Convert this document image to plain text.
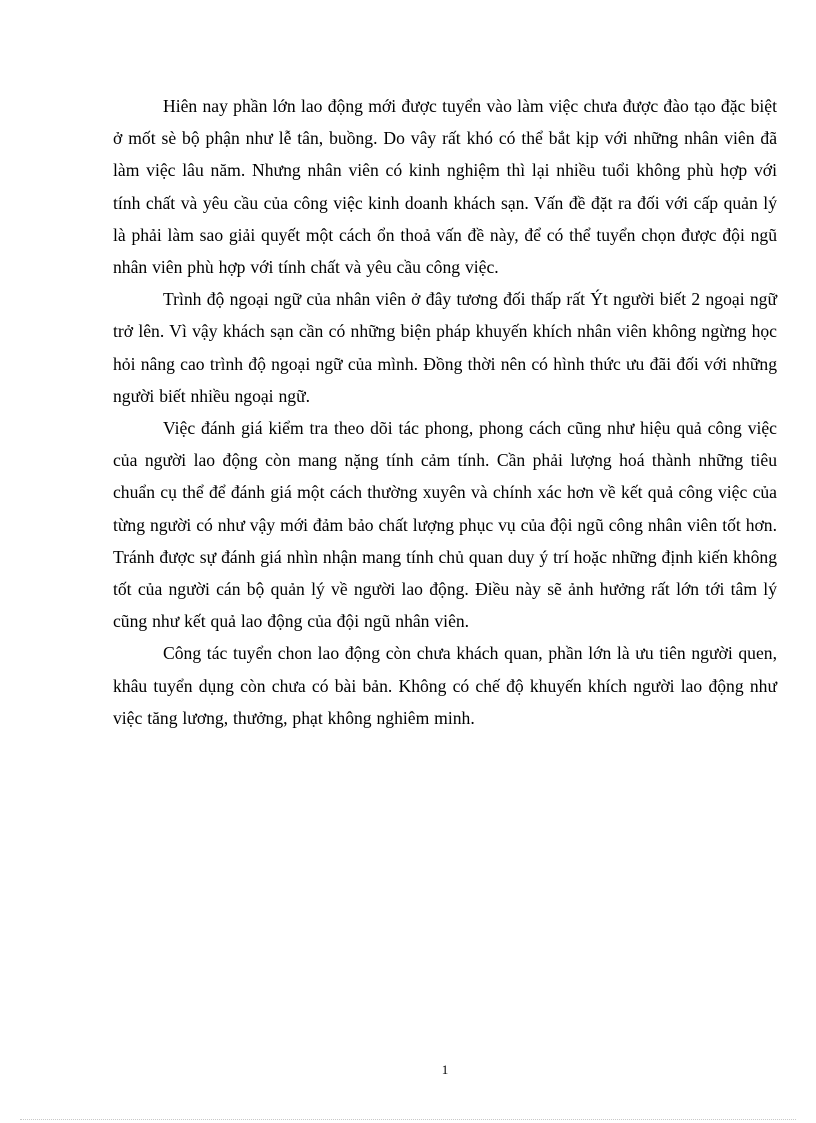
Hiên nay phần lớn lao động mới được tuyển vào làm việc chưa được đào tạo đặc biệt ở mốt sè bộ phận như lễ tân, buồng. Do vây rất khó có thể bắt kịp với những nhân viên đã làm việc lâu năm. Nhưng nhân viên có kinh nghiệm thì lại nhiều tuổi không phù hợp với tính chất và yêu cầu của công việc kinh doanh khách sạn. Vấn đề đặt ra đối với cấp quản lý là phải làm sao giải quyết một cách ổn thoả vấn đề này, để có thể tuyển chọn được đội ngũ nhân viên phù hợp với tính chất và yêu cầu công việc.

Trình độ ngoại ngữ của nhân viên ở đây tương đối thấp rất Ýt người biết 2 ngoại ngữ trở lên. Vì vậy khách sạn cần có những biện pháp khuyến khích nhân viên không ngừng học hỏi nâng cao trình độ ngoại ngữ của mình. Đồng thời nên có hình thức ưu đãi đối với những người biết nhiều ngoại ngữ.

Việc đánh giá kiểm tra theo dõi tác phong, phong cách cũng như hiệu quả công việc của người lao động còn mang nặng tính cảm tính. Cần phải lượng hoá thành những tiêu chuẩn cụ thể để đánh giá một cách thường xuyên và chính xác hơn về kết quả công việc của từng người có như vậy mới đảm bảo chất lượng phục vụ của đội ngũ công nhân viên tốt hơn. Tránh được sự đánh giá nhìn nhận mang tính chủ quan duy ý trí hoặc những định kiến không tốt của người cán bộ quản lý về người lao động. Điều này sẽ ảnh hưởng rất lớn tới tâm lý cũng như kết quả lao động của đội ngũ nhân viên.

Công tác tuyển chon lao động còn chưa khách quan, phần lớn là ưu tiên người quen, khâu tuyển dụng còn chưa có bài bản. Không có chế độ khuyến khích người lao động như việc tăng lương, thưởng, phạt không nghiêm minh.

1
